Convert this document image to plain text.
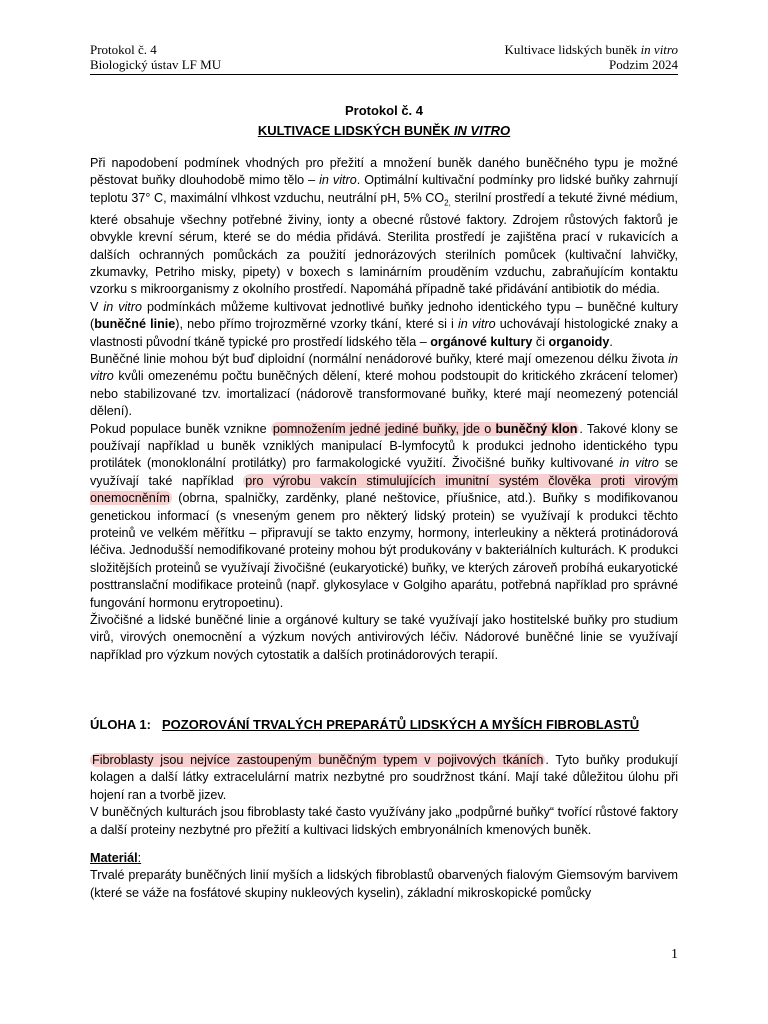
Protokol č. 4
Biologický ústav LF MU
Kultivace lidských buněk in vitro
Podzim 2024
Protokol č. 4
KULTIVACE LIDSKÝCH BUNĚK IN VITRO

Při napodobení podmínek vhodných pro přežití a množení buněk daného buněčného typu je možné pěstovat buňky dlouhodobě mimo tělo – in vitro. Optimální kultivační podmínky pro lidské buňky zahrnují teplotu 37° C, maximální vlhkost vzduchu, neutrální pH, 5% $CO_{2,}$ sterilní prostředí a tekuté živné médium, které obsahuje všechny potřebné živiny, ionty a obecné růstové faktory. Zdrojem růstových faktorů je obvykle krevní sérum, které se do média přidává. Sterilita prostředí je zajištěna prací v rukavicích a dalších ochranných pomůckách za použití jednorázových sterilních pomůcek (kultivační lahvičky, zkumavky, Petriho misky, pipety) v boxech s laminárním prouděním vzduchu, zabraňujícím kontaktu vzorku s mikroorganismy z okolního prostředí. Napomáhá případně také přidávání antibiotik do média.

V in vitro podmínkách můžeme kultivovat jednotlivé buňky jednoho identického typu – buněčné kultury (buněčné linie), nebo přímo trojrozměrné vzorky tkání, které si i in vitro uchovávají histologické znaky a vlastnosti původní tkáně typické pro prostředí lidského těla – orgánové kultury či organoidy.

Buněčné linie mohou být buď diploidní (normální nenádorové buňky, které mají omezenou délku života in vitro kvůli omezenému počtu buněčných dělení, které mohou podstoupit do kritického zkrácení telomer) nebo stabilizované tzv. imortalizací (nádorově transformované buňky, které mají neomezený potenciál dělení).

Pokud populace buněk vznikne pomnožením jedné jediné buňky, jde o buněčný klon . Takové klony se používají například u buněk vzniklých manipulací B-lymfocytů k produkci jednoho identického typu protilátek (monoklonální protilátky) pro farmakologické využití. Živočišné buňky kultivované in vitro se využívají také například pro výrobu vakcín stimulujících imunitní systém člověka proti virovým onemocněním (obrna, spalničky, zarděnky, plané neštovice, příušnice, atd.). Buňky s modifikovanou genetickou informací (s vneseným genem pro některý lidský protein) se využívají k produkci těchto proteinů ve velkém měřítku – připravují se takto enzymy, hormony, interleukiny a některá protinádorová léčiva. Jednodušší nemodifikované proteiny mohou být produkovány v bakteriálních kulturách. K produkci složitějších proteinů se využívají živočišné (eukaryotické) buňky, ve kterých zároveň probíhá eukaryotické posttranslační modifikace proteinů (např. glykosylace v Golgiho aparátu, potřebná například pro správné fungování hormonu erytropoetinu).

Živočišné a lidské buněčné linie a orgánové kultury se také využívají jako hostitelské buňky pro studium virů, virových onemocnění a výzkum nových antivirových léčiv. Nádorové buněčné linie se využívají například pro výzkum nových cytostatik a dalších protinádorových terapií.

ÚLOHA 1: POZOROVÁNÍ TRVALÝCH PREPARÁTŮ LIDSKÝCH A MYŠÍCH FIBROBLASTŮ

Fibroblasty jsou nejvíce zastoupeným buněčným typem v pojivových tkáních . Tyto buňky produkují kolagen a další látky extracelulární matrix nezbytné pro soudržnost tkání. Mají také důležitou úlohu při hojení ran a tvorbě jizev.

V buněčných kulturách jsou fibroblasty také často využívány jako „podpůrné buňky“ tvořící růstové faktory a další proteiny nezbytné pro přežití a kultivaci lidských embryonálních kmenových buněk.

Materiál:

Trvalé preparáty buněčných linií myších a lidských fibroblastů obarvených fialovým Giemsovým barvivem (které se váže na fosfátové skupiny nukleových kyselin), základní mikroskopické pomůcky

1
